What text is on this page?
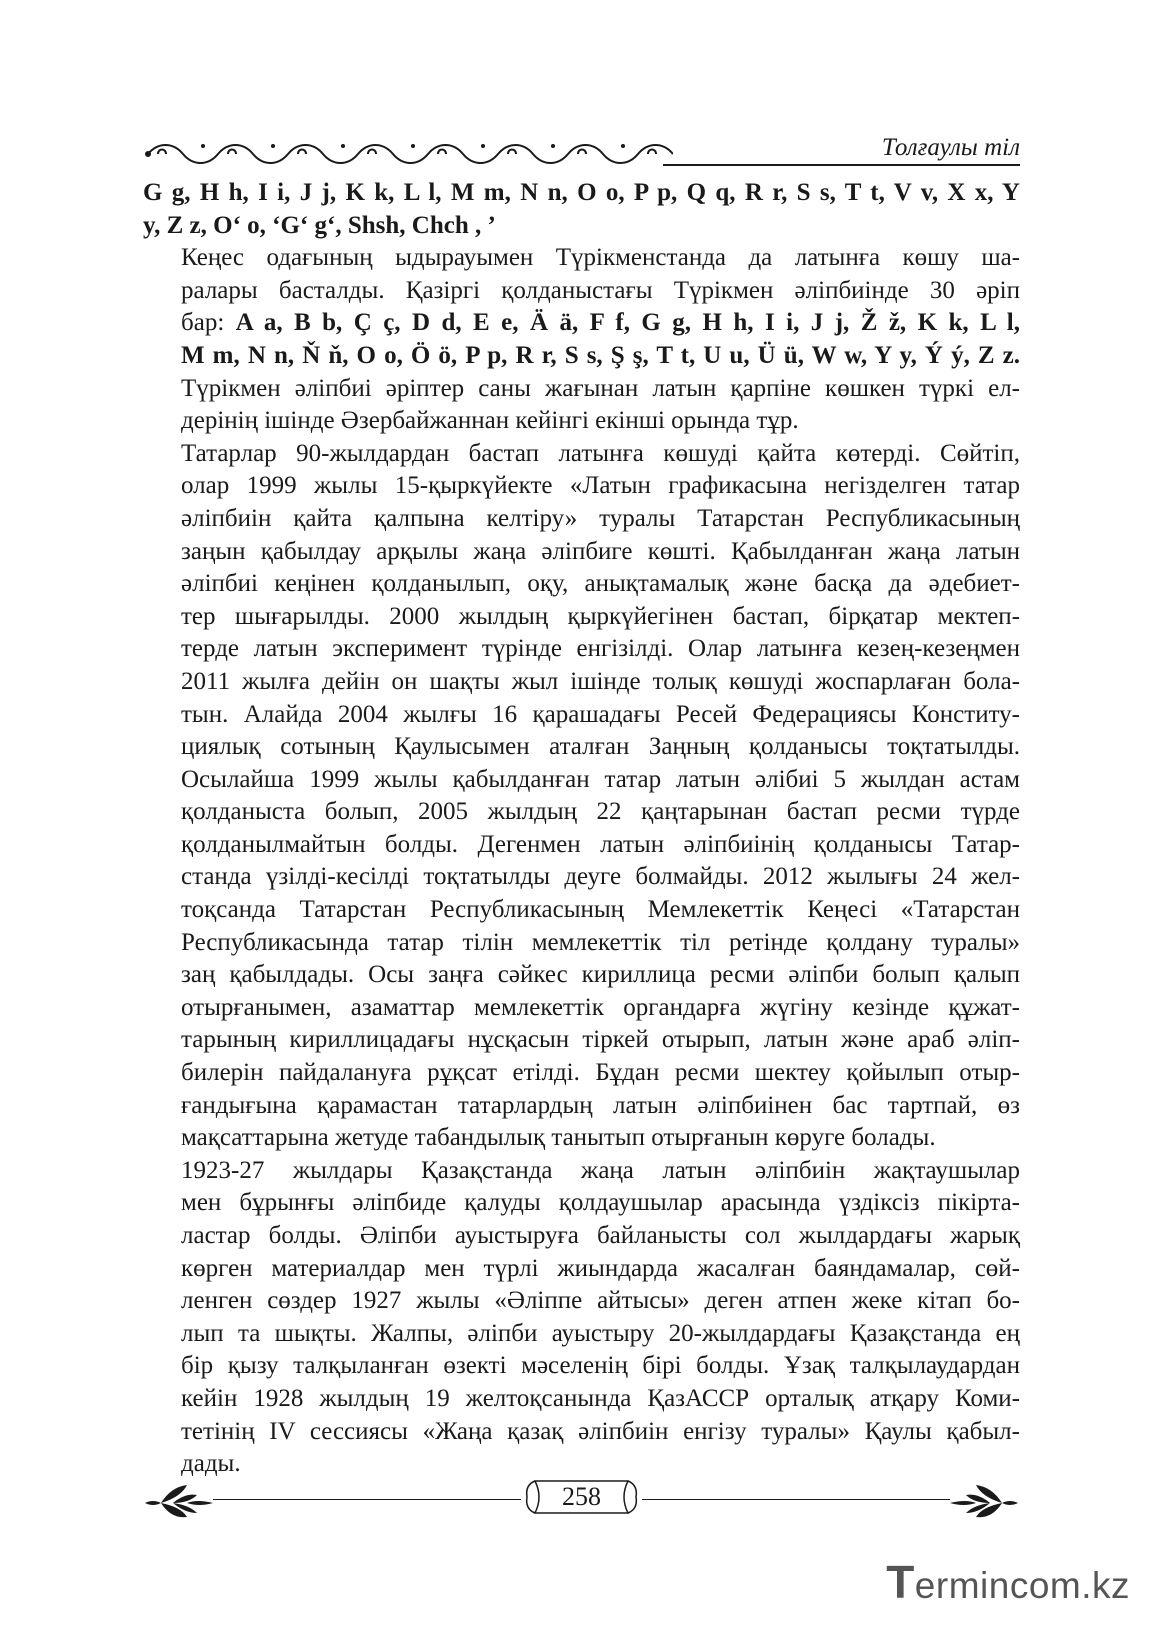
Толғаулы тіл

G g, H h, I i, J j, K k, L l, M m, N n, O o, P p, Q q, R r, S s, T t, V v, X x, Y
y, Z z, O‘ o, ‘G‘ g‘, Shsh, Chch , ’

Кеңес одағының ыдырауымен Түрікменстанда да латынға көшу ша-
ралары басталды. Қазіргі қолданыстағы Түрікмен әліпбиінде 30 әріп
бар: A a, B b, Ç ç, D d, E e, Ä ä, F f, G g, H h, I i, J j, Ž ž, K k, L l,
M m, N n, Ň ň, O o, Ö ö, P p, R r, S s, Ş ş, T t, U u, Ü ü, W w, Y y, Ý ý, Z z.
Түрікмен әліпбиі әріптер саны жағынан латын қарпіне көшкен түркі ел-
дерінің ішінде Әзербайжаннан кейінгі екінші орында тұр.

Татарлар 90-жылдардан бастап латынға көшуді қайта көтерді. Сөйтіп,
олар 1999 жылы 15-қыркүйекте «Латын графикасына негізделген татар
әліпбиін қайта қалпына келтіру» туралы Татарстан Республикасының
заңын қабылдау арқылы жаңа әліпбиге көшті. Қабылданған жаңа латын
әліпбиі кеңінен қолданылып, оқу, анықтамалық және басқа да әдебиет-
тер шығарылды. 2000 жылдың қыркүйегінен бастап, бірқатар мектеп-
терде латын эксперимент түрінде енгізілді. Олар латынға кезең-кезеңмен
2011 жылға дейін он шақты жыл ішінде толық көшуді жоспарлаған бола-
тын. Алайда 2004 жылғы 16 қарашадағы Ресей Федерациясы Конститу-
циялық сотының Қаулысымен аталған Заңның қолданысы тоқтатылды.
Осылайша 1999 жылы қабылданған татар латын әлібиі 5 жылдан астам
қолданыста болып, 2005 жылдың 22 қаңтарынан бастап ресми түрде
қолданылмайтын болды. Дегенмен латын әліпбиінің қолданысы Татар-
станда үзілді-кесілді тоқтатылды деуге болмайды. 2012 жылығы 24 жел-
тоқсанда Татарстан Республикасының Мемлекеттік Кеңесі «Татарстан
Республикасында татар тілін мемлекеттік тіл ретінде қолдану туралы»
заң қабылдады. Осы заңға сәйкес кириллица ресми әліпби болып қалып
отырғанымен, азаматтар мемлекеттік органдарға жүгіну кезінде құжат-
тарының кириллицадағы нұсқасын тіркей отырып, латын және араб әліп-
билерін пайдалануға рұқсат етілді. Бұдан ресми шектеу қойылып отыр-
ғандығына қарамастан татарлардың латын әліпбиінен бас тартпай, өз
мақсаттарына жетуде табандылық танытып отырғанын көруге болады.

1923-27 жылдары Қазақстанда жаңа латын әліпбиін жақтаушылар
мен бұрынғы әліпбиде қалуды қолдаушылар арасында үздіксіз пікірта-
ластар болды. Әліпби ауыстыруға байланысты сол жылдардағы жарық
көрген материалдар мен түрлі жиындарда жасалған баяндамалар, сөй-
ленген сөздер 1927 жылы «Әліппе айтысы» деген атпен жеке кітап бо-
лып та шықты. Жалпы, әліпби ауыстыру 20-жылдардағы Қазақстанда ең
бір қызу талқыланған өзекті мәселенің бірі болды. Ұзақ талқылаудардан
кейін 1928 жылдың 19 желтоқсанында ҚазАССР орталық атқару Коми-
тетінің IV сессиясы «Жаңа қазақ әліпбиін енгізу туралы» Қаулы қабыл-
дады.

258
Termincom.kz
